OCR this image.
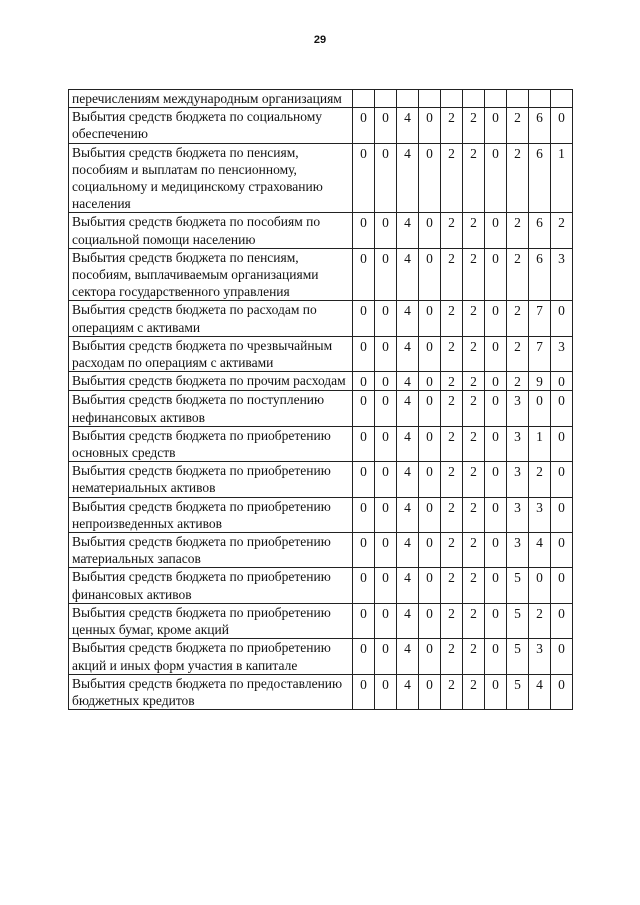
29
перечислениям международным организациям										
Выбытия средств бюджета по социальному обеспечению	0	0	4	0	2	2	0	2	6	0
Выбытия средств бюджета по пенсиям, пособиям и выплатам по пенсионному, социальному и медицинскому страхованию населения	0	0	4	0	2	2	0	2	6	1
Выбытия средств бюджета по пособиям по социальной помощи населению	0	0	4	0	2	2	0	2	6	2
Выбытия средств бюджета по пенсиям, пособиям, выплачиваемым организациями сектора государственного управления	0	0	4	0	2	2	0	2	6	3
Выбытия средств бюджета по расходам по операциям с активами	0	0	4	0	2	2	0	2	7	0
Выбытия средств бюджета по чрезвычайным расходам по операциям с активами	0	0	4	0	2	2	0	2	7	3
Выбытия средств бюджета по прочим расходам	0	0	4	0	2	2	0	2	9	0
Выбытия средств бюджета по поступлению нефинансовых активов	0	0	4	0	2	2	0	3	0	0
Выбытия средств бюджета по приобретению основных средств	0	0	4	0	2	2	0	3	1	0
Выбытия средств бюджета по приобретению нематериальных активов	0	0	4	0	2	2	0	3	2	0
Выбытия средств бюджета по приобретению непроизведенных активов	0	0	4	0	2	2	0	3	3	0
Выбытия средств бюджета по приобретению материальных запасов	0	0	4	0	2	2	0	3	4	0
Выбытия средств бюджета по приобретению финансовых активов	0	0	4	0	2	2	0	5	0	0
Выбытия средств бюджета по приобретению ценных бумаг, кроме акций	0	0	4	0	2	2	0	5	2	0
Выбытия средств бюджета по приобретению акций и иных форм участия в капитале	0	0	4	0	2	2	0	5	3	0
Выбытия средств бюджета по предоставлению бюджетных кредитов	0	0	4	0	2	2	0	5	4	0
